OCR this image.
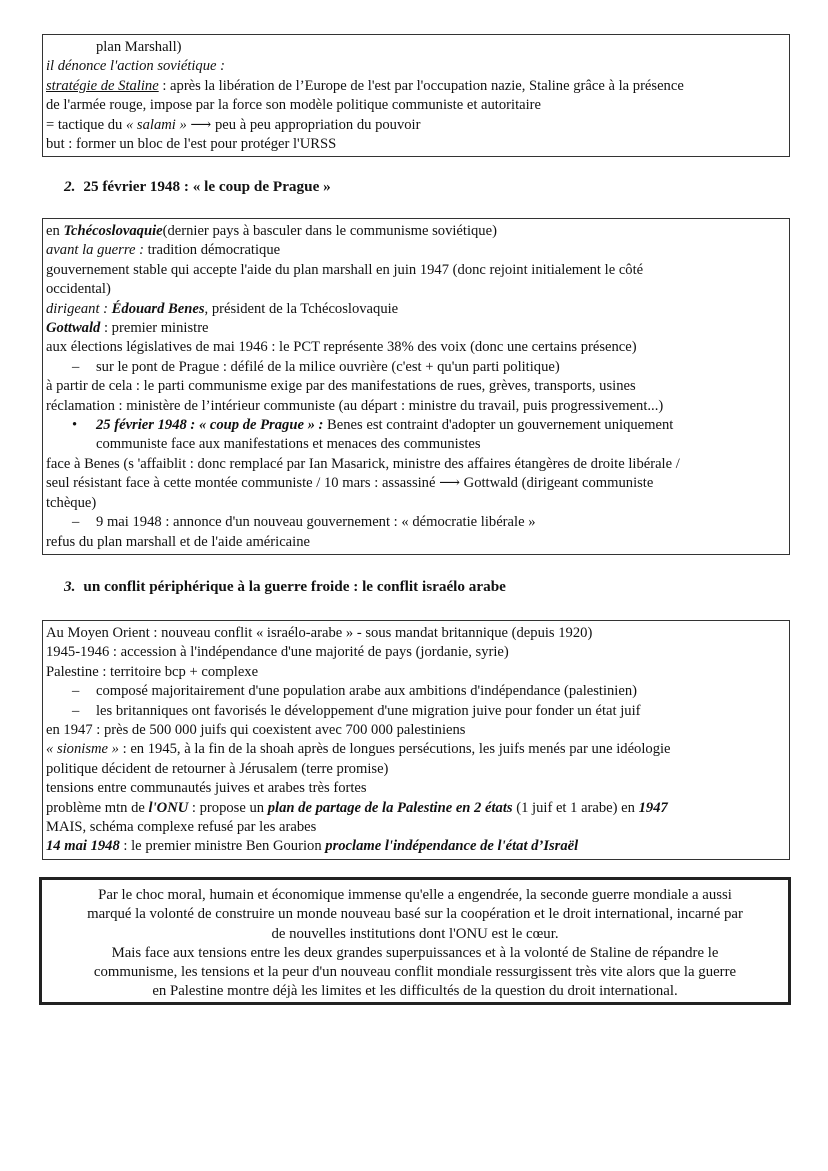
plan Marshall)

il dénonce l'action soviétique :

stratégie de Staline : après la libération de l’Europe de l'est par l'occupation nazie, Staline grâce à la présence

de l'armée rouge, impose par la force son modèle politique communiste et autoritaire

= tactique du « salami » ⟶ peu à peu appropriation du pouvoir

but : former un bloc de l'est pour protéger l'URSS

2. 25 février 1948 : « le coup de Prague »

en Tchécoslovaquie(dernier pays à basculer dans le communisme soviétique)

avant la guerre : tradition démocratique

gouvernement stable qui accepte l'aide du plan marshall en juin 1947 (donc rejoint initialement le côté

occidental)

dirigeant : Édouard Benes, président de la Tchécoslovaquie

Gottwald : premier ministre

aux élections législatives de mai 1946 : le PCT représente 38% des voix (donc une certains présence)

– sur le pont de Prague : défilé de la milice ouvrière (c'est + qu'un parti politique)

à partir de cela : le parti communisme exige par des manifestations de rues, grèves, transports, usines

réclamation : ministère de l’intérieur communiste (au départ : ministre du travail, puis progressivement...)

• 25 février 1948 : « coup de Prague » : Benes est contraint d'adopter un gouvernement uniquement

communiste face aux manifestations et menaces des communistes

face à Benes (s 'affaiblit : donc remplacé par Ian Masarick, ministre des affaires étangères de droite libérale /

seul résistant face à cette montée communiste / 10 mars : assassiné ⟶ Gottwald (dirigeant communiste

tchèque)

– 9 mai 1948 : annonce d'un nouveau gouvernement : « démocratie libérale »

refus du plan marshall et de l'aide américaine

3. un conflit périphérique à la guerre froide : le conflit israélo arabe

Au Moyen Orient : nouveau conflit « israélo-arabe » - sous mandat britannique (depuis 1920)

1945-1946 : accession à l'indépendance d'une majorité de pays (jordanie, syrie)

Palestine : territoire bcp + complexe

– composé majoritairement d'une population arabe aux ambitions d'indépendance (palestinien)

– les britanniques ont favorisés le développement d'une migration juive pour fonder un état juif

en 1947 : près de 500 000 juifs qui coexistent avec 700 000 palestiniens

« sionisme » : en 1945, à la fin de la shoah après de longues persécutions, les juifs menés par une idéologie

politique décident de retourner à Jérusalem (terre promise)

tensions entre communautés juives et arabes très fortes

problème mtn de l'ONU : propose un plan de partage de la Palestine en 2 états (1 juif et 1 arabe) en 1947

MAIS, schéma complexe refusé par les arabes

14 mai 1948 : le premier ministre Ben Gourion proclame l'indépendance de l'état d’Israël

Par le choc moral, humain et économique immense qu'elle a engendrée, la seconde guerre mondiale a aussi

marqué la volonté de construire un monde nouveau basé sur la coopération et le droit international, incarné par

de nouvelles institutions dont l'ONU est le cœur.

Mais face aux tensions entre les deux grandes superpuissances et à la volonté de Staline de répandre le

communisme, les tensions et la peur d'un nouveau conflit mondiale ressurgissent très vite alors que la guerre

en Palestine montre déjà les limites et les difficultés de la question du droit international.
